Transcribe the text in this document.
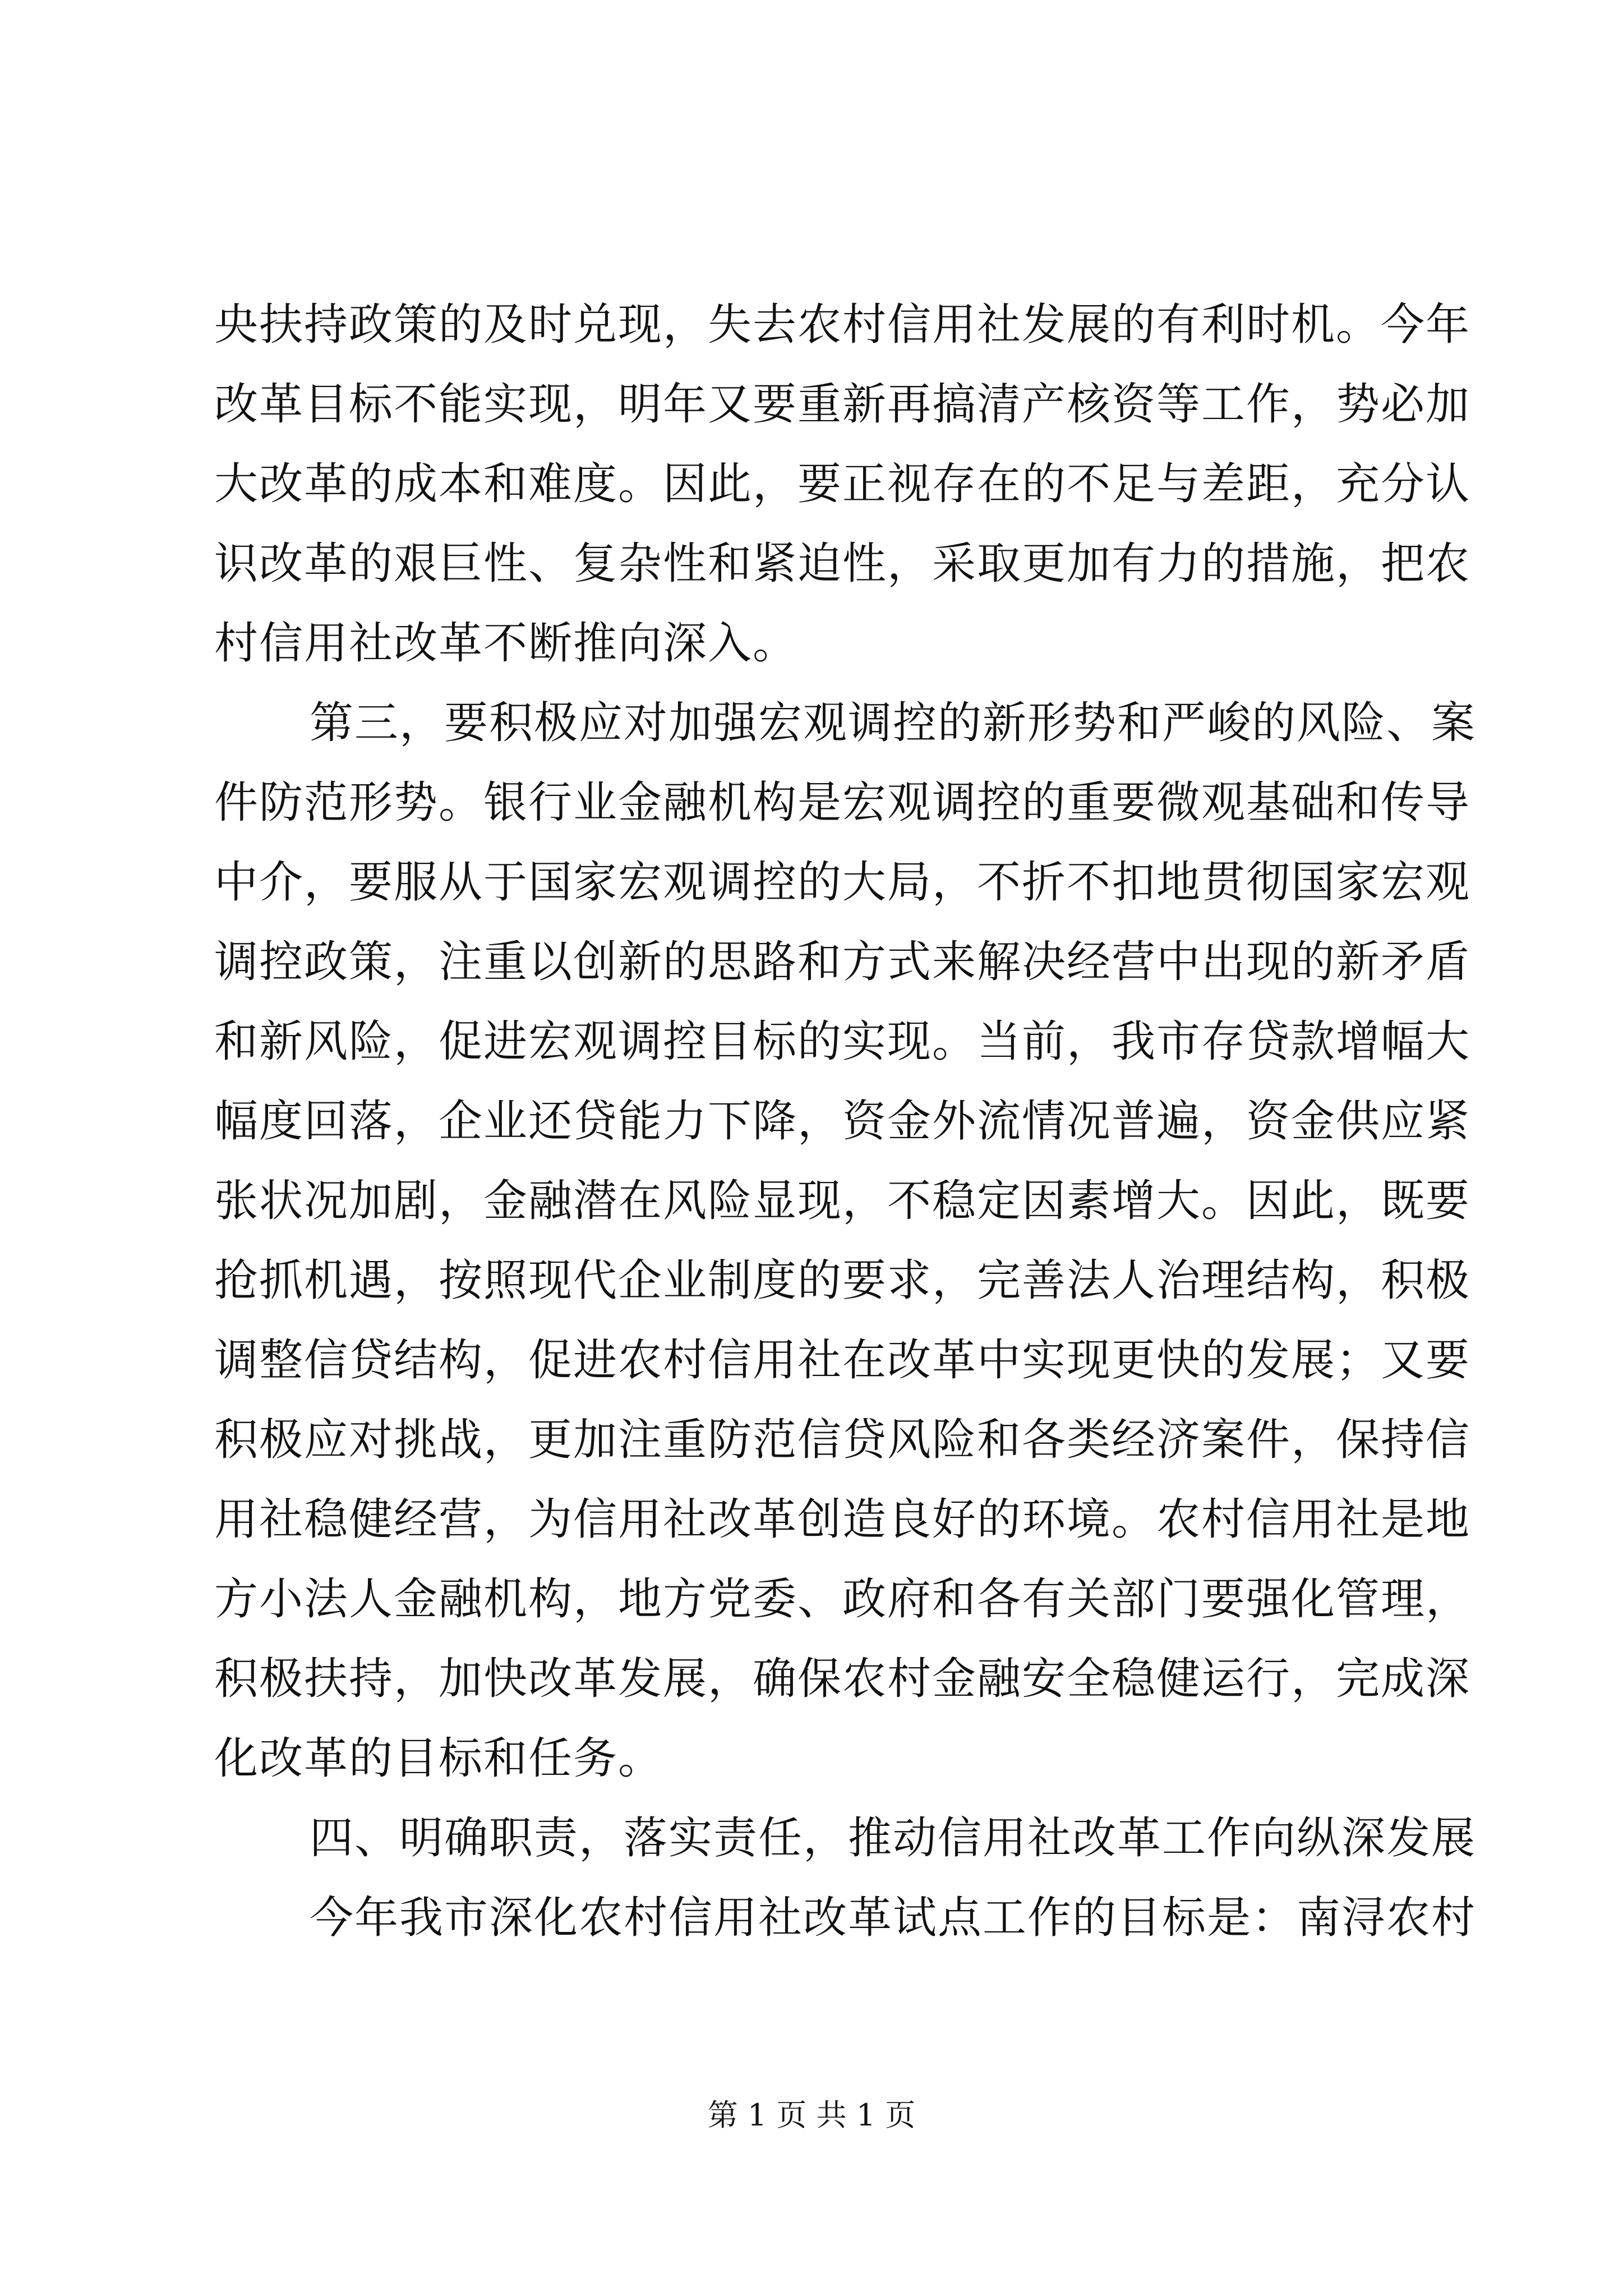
央扶持政策的及时兑现，失去农村信用社发展的有利时机。今年
改革目标不能实现，明年又要重新再搞清产核资等工作，势必加
大改革的成本和难度。因此，要正视存在的不足与差距，充分认
识改革的艰巨性、复杂性和紧迫性，采取更加有力的措施，把农
村信用社改革不断推向深入。
第三，要积极应对加强宏观调控的新形势和严峻的风险、案
件防范形势。银行业金融机构是宏观调控的重要微观基础和传导
中介，要服从于国家宏观调控的大局，不折不扣地贯彻国家宏观
调控政策，注重以创新的思路和方式来解决经营中出现的新矛盾
和新风险，促进宏观调控目标的实现。当前，我市存贷款增幅大
幅度回落，企业还贷能力下降，资金外流情况普遍，资金供应紧
张状况加剧，金融潜在风险显现，不稳定因素增大。因此，既要
抢抓机遇，按照现代企业制度的要求，完善法人治理结构，积极
调整信贷结构，促进农村信用社在改革中实现更快的发展；又要
积极应对挑战，更加注重防范信贷风险和各类经济案件，保持信
用社稳健经营，为信用社改革创造良好的环境。农村信用社是地
方小法人金融机构，地方党委、政府和各有关部门要强化管理，
积极扶持，加快改革发展，确保农村金融安全稳健运行，完成深
化改革的目标和任务。
四、明确职责，落实责任，推动信用社改革工作向纵深发展
今年我市深化农村信用社改革试点工作的目标是：南浔农村
第 1 页 共 1 页
